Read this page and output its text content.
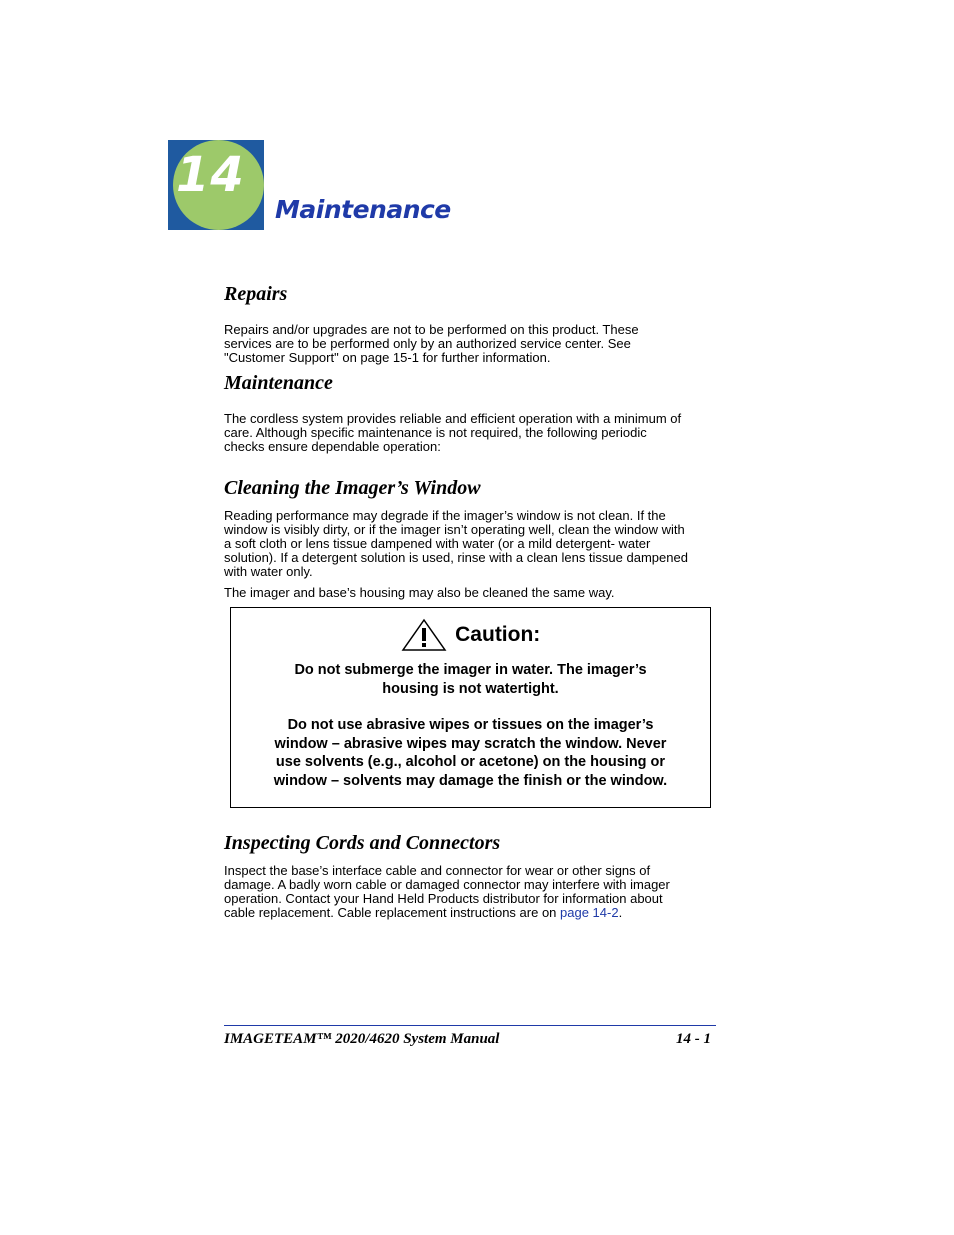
14
Maintenance
Repairs

Repairs and/or upgrades are not to be performed on this product. These
services are to be performed only by an authorized service center. See
"Customer Support" on page 15-1 for further information.

Maintenance

The cordless system provides reliable and efficient operation with a minimum of
care. Although specific maintenance is not required, the following periodic
checks ensure dependable operation:

Cleaning the Imager’s Window

Reading performance may degrade if the imager’s window is not clean. If the
window is visibly dirty, or if the imager isn’t operating well, clean the window with
a soft cloth or lens tissue dampened with water (or a mild detergent- water
solution). If a detergent solution is used, rinse with a clean lens tissue dampened
with water only.

The imager and base’s housing may also be cleaned the same way.

Caution:

Do not submerge the imager in water. The imager’s
housing is not watertight.

Do not use abrasive wipes or tissues on the imager’s
window – abrasive wipes may scratch the window. Never
use solvents (e.g., alcohol or acetone) on the housing or
window – solvents may damage the finish or the window.

Inspecting Cords and Connectors

Inspect the base’s interface cable and connector for wear or other signs of
damage. A badly worn cable or damaged connector may interfere with imager
operation. Contact your Hand Held Products distributor for information about
cable replacement. Cable replacement instructions are on page 14-2.

IMAGETEAM™ 2020/4620 System Manual	14 - 1
